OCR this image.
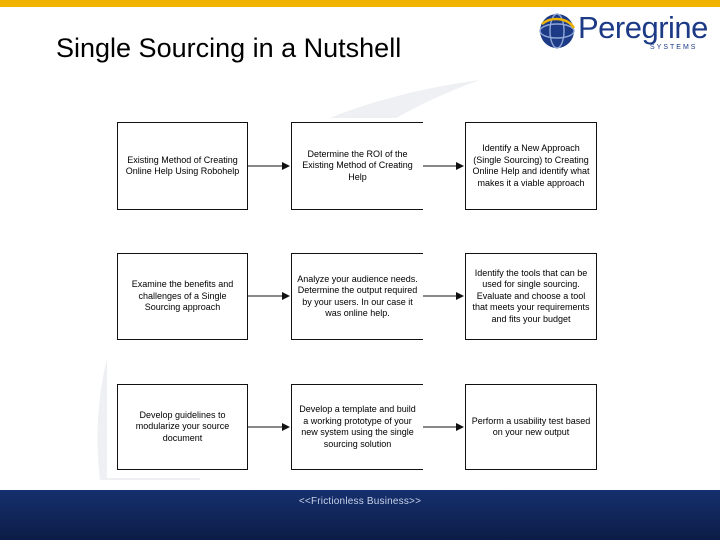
Single Sourcing in a Nutshell
Peregrine
SYSTEMS
Existing Method of Creating Online Help Using Robohelp
Determine the ROI of the Existing Method of Creating Help
Identify a New Approach (Single Sourcing) to Creating Online Help and identify what makes it a viable approach
Examine the benefits and challenges of a Single Sourcing approach
Analyze your audience needs. Determine the output required by your users. In our case it was online help.
Identify the tools that can be used for single sourcing. Evaluate and choose a tool that meets your requirements and fits your budget
Develop guidelines to modularize your source document
Develop a template and build a working prototype of your new system using the single sourcing solution
Perform a usability test based on your new output
<<Frictionless Business>>
